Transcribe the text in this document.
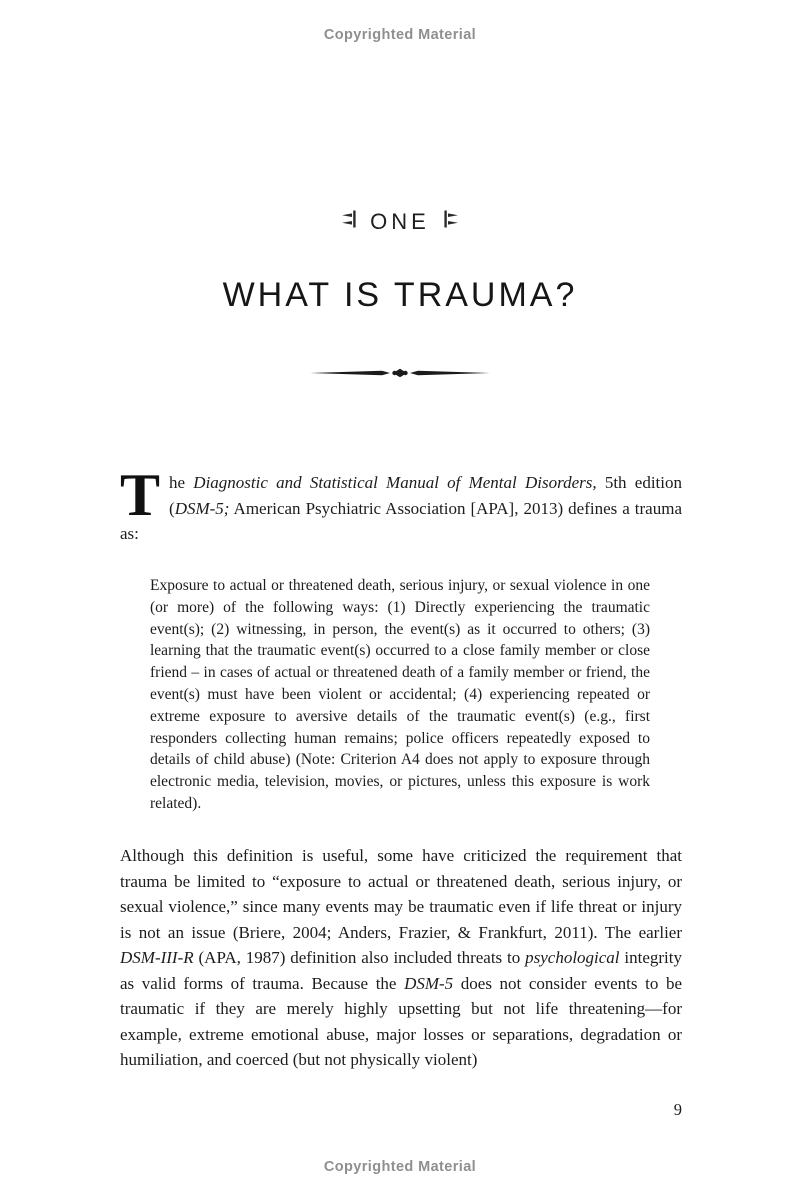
Copyrighted Material
ONE
WHAT IS TRAUMA?
The Diagnostic and Statistical Manual of Mental Disorders, 5th edition (DSM-5; American Psychiatric Association [APA], 2013) defines a trauma as:
Exposure to actual or threatened death, serious injury, or sexual violence in one (or more) of the following ways: (1) Directly experiencing the traumatic event(s); (2) witnessing, in person, the event(s) as it occurred to others; (3) learning that the traumatic event(s) occurred to a close family member or close friend – in cases of actual or threatened death of a family member or friend, the event(s) must have been violent or accidental; (4) experiencing repeated or extreme exposure to aversive details of the traumatic event(s) (e.g., first responders collecting human remains; police officers repeatedly exposed to details of child abuse) (Note: Criterion A4 does not apply to exposure through electronic media, television, movies, or pictures, unless this exposure is work related).
Although this definition is useful, some have criticized the requirement that trauma be limited to “exposure to actual or threatened death, serious injury, or sexual violence,” since many events may be traumatic even if life threat or injury is not an issue (Briere, 2004; Anders, Frazier, & Frankfurt, 2011). The earlier DSM-III-R (APA, 1987) definition also included threats to psychological integrity as valid forms of trauma. Because the DSM-5 does not consider events to be traumatic if they are merely highly upsetting but not life threatening—for example, extreme emotional abuse, major losses or separations, degradation or humiliation, and coerced (but not physically violent)
9
Copyrighted Material
